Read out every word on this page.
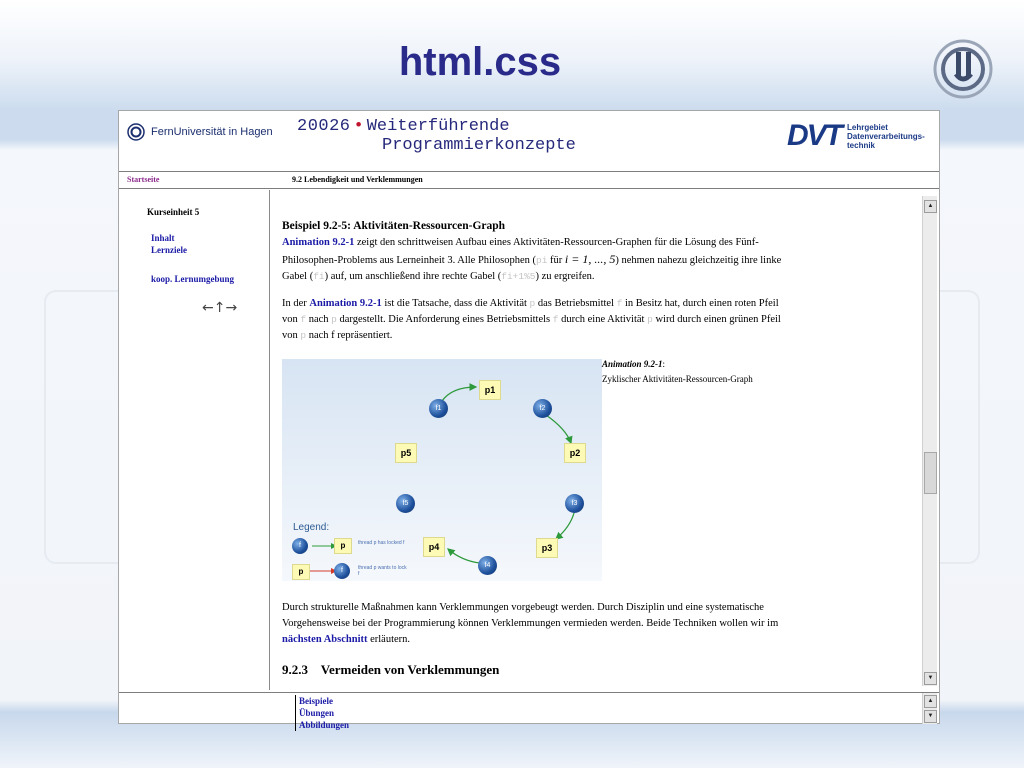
html.css
FernUniversität in Hagen 20026 • Weiterführende
Programmierkonzepte	DVT Lehrgebiet
Datenverarbeitungs-
technik
Startseite	9.2 Lebendigkeit und Verklemmungen
Kurseinheit 5
Inhalt
Lernziele
koop. Lernumgebung
←↑→
Beispiel 9.2-5: Aktivitäten-Ressourcen-Graph
Animation 9.2-1 zeigt den schrittweisen Aufbau eines Aktivitäten-Ressourcen-Graphen für die Lösung des Fünf-Philosophen-Problems aus Lerneinheit 3. Alle Philosophen (pi für i = 1, ..., 5) nehmen nahezu gleichzeitig ihre linke Gabel (fi) auf, um anschließend ihre rechte Gabel (fi+1%5) zu ergreifen.
In der Animation 9.2-1 ist die Tatsache, dass die Aktivität p das Betriebsmittel f in Besitz hat, durch einen roten Pfeil von f nach p dargestellt. Die Anforderung eines Betriebsmittels f durch eine Aktivität p wird durch einen grünen Pfeil von p nach f repräsentiert.
p1
p2
p3
p4
p5
f1	f2
f3
f4
f5
Legend:
f	p	thread p has locked f
p	f	thread p wants to lock f
Animation 9.2-1:
Zyklischer Aktivitäten-Ressourcen-Graph
Durch strukturelle Maßnahmen kann Verklemmungen vorgebeugt werden. Durch Disziplin und eine systematische Vorgehensweise bei der Programmierung können Verklemmungen vermieden werden. Beide Techniken wollen wir im nächsten Abschnitt erläutern.
9.2.3    Vermeiden von Verklemmungen
▲
▼
Beispiele
Übungen
Abbildungen
▲
▼
